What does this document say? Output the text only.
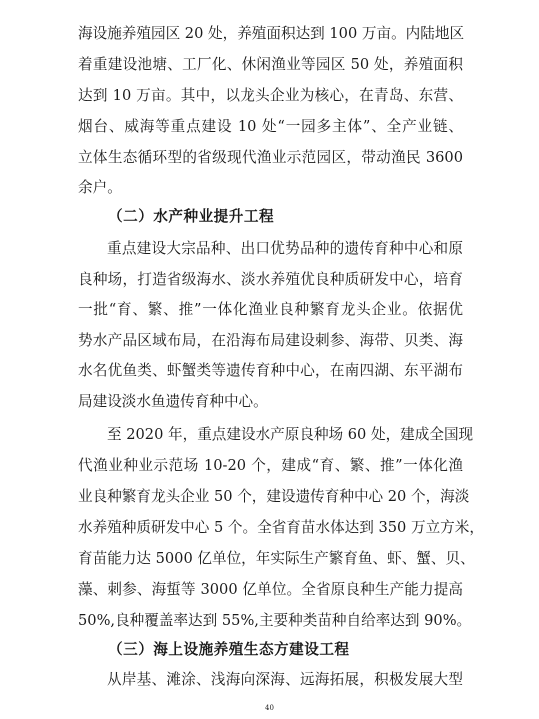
海设施养殖园区 20 处，养殖面积达到 100 万亩。内陆地区
着重建设池塘、工厂化、休闲渔业等园区 50 处，养殖面积
达到 10 万亩。其中，以龙头企业为核心，在青岛、东营、
烟台、威海等重点建设 10 处“一园多主体”、全产业链、
立体生态循环型的省级现代渔业示范园区，带动渔民 3600
余户。
（二）水产种业提升工程
重点建设大宗品种、出口优势品种的遗传育种中心和原
良种场，打造省级海水、淡水养殖优良种质研发中心，培育
一批“育、繁、推”一体化渔业良种繁育龙头企业。依据优
势水产品区域布局，在沿海布局建设刺参、海带、贝类、海
水名优鱼类、虾蟹类等遗传育种中心，在南四湖、东平湖布
局建设淡水鱼遗传育种中心。
至 2020 年，重点建设水产原良种场 60 处，建成全国现
代渔业种业示范场 10-20 个，建成“育、繁、推”一体化渔
业良种繁育龙头企业 50 个，建设遗传育种中心 20 个，海淡
水养殖种质研发中心 5 个。全省育苗水体达到 350 万立方米，
育苗能力达 5000 亿单位，年实际生产繁育鱼、虾、蟹、贝、
藻、刺参、海蜇等 3000 亿单位。全省原良种生产能力提高
50%,良种覆盖率达到 55%,主要种类苗种自给率达到 90%。
（三）海上设施养殖生态方建设工程
从岸基、滩涂、浅海向深海、远海拓展，积极发展大型
40
